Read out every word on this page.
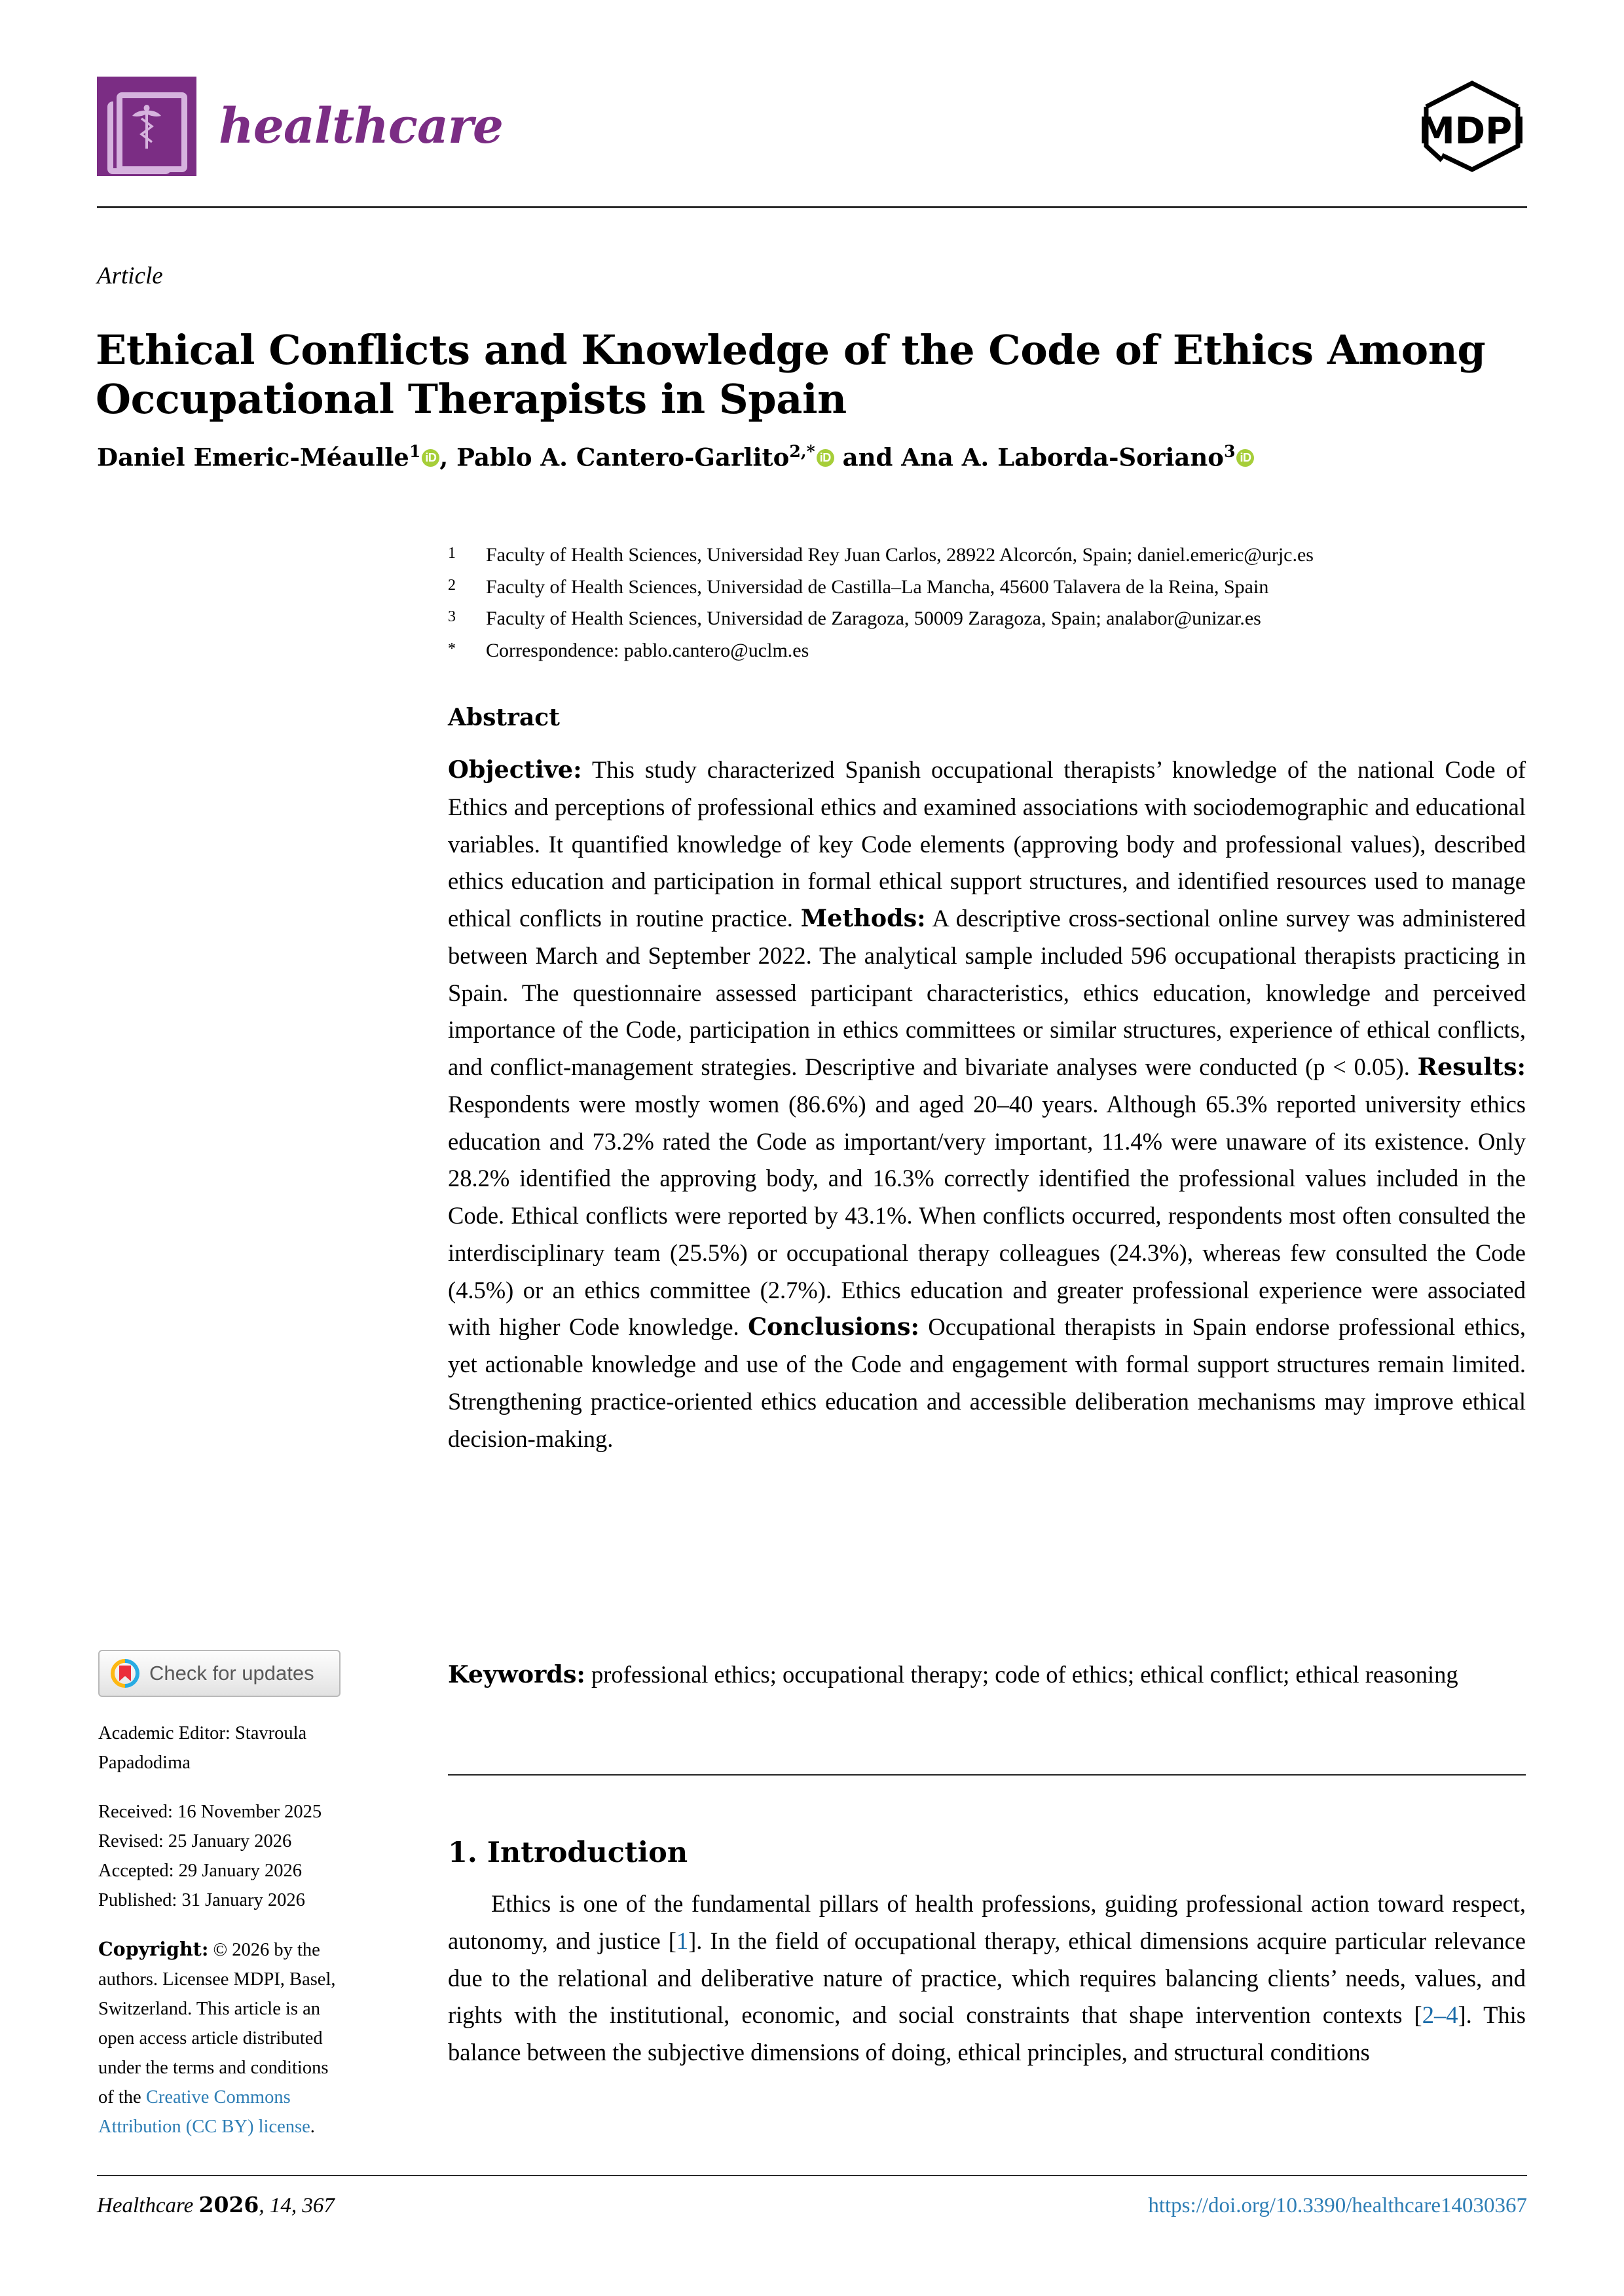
healthcare	MDPI
Article
Ethical Conflicts and Knowledge of the Code of Ethics Among Occupational Therapists in Spain
Daniel Emeric-Méaulle$^1$ iD , Pablo A. Cantero-Garlito$^{2,*}$ iD and Ana A. Laborda-Soriano$^3$ iD
1	Faculty of Health Sciences, Universidad Rey Juan Carlos, 28922 Alcorcón, Spain; daniel.emeric@urjc.es
2	Faculty of Health Sciences, Universidad de Castilla–La Mancha, 45600 Talavera de la Reina, Spain
3	Faculty of Health Sciences, Universidad de Zaragoza, 50009 Zaragoza, Spain; analabor@unizar.es
*	Correspondence: pablo.cantero@uclm.es
Abstract
Objective: This study characterized Spanish occupational therapists’ knowledge of the national Code of Ethics and perceptions of professional ethics and examined associations with sociodemographic and educational variables. It quantified knowledge of key Code elements (approving body and professional values), described ethics education and participation in formal ethical support structures, and identified resources used to manage ethical conflicts in routine practice. Methods: A descriptive cross-sectional online survey was administered between March and September 2022. The analytical sample included 596 occupational therapists practicing in Spain. The questionnaire assessed participant characteristics, ethics education, knowledge and perceived importance of the Code, participation in ethics committees or similar structures, experience of ethical conflicts, and conflict-management strategies. Descriptive and bivariate analyses were conducted (p < 0.05). Results: Respondents were mostly women (86.6%) and aged 20–40 years. Although 65.3% reported university ethics education and 73.2% rated the Code as important/very important, 11.4% were unaware of its existence. Only 28.2% identified the approving body, and 16.3% correctly identified the professional values included in the Code. Ethical conflicts were reported by 43.1%. When conflicts occurred, respondents most often consulted the interdisciplinary team (25.5%) or occupational therapy colleagues (24.3%), whereas few consulted the Code (4.5%) or an ethics committee (2.7%). Ethics education and greater professional experience were associated with higher Code knowledge. Conclusions: Occupational therapists in Spain endorse professional ethics, yet actionable knowledge and use of the Code and engagement with formal support structures remain limited. Strengthening practice-oriented ethics education and accessible deliberation mechanisms may improve ethical decision-making.
Keywords: professional ethics; occupational therapy; code of ethics; ethical conflict; ethical reasoning
1. Introduction
Ethics is one of the fundamental pillars of health professions, guiding professional action toward respect, autonomy, and justice [1]. In the field of occupational therapy, ethical dimensions acquire particular relevance due to the relational and deliberative nature of practice, which requires balancing clients’ needs, values, and rights with the institutional, economic, and social constraints that shape intervention contexts [2–4]. This balance between the subjective dimensions of doing, ethical principles, and structural conditions
Check for updates
Academic Editor: Stavroula Papadodima
Received: 16 November 2025
Revised: 25 January 2026
Accepted: 29 January 2026
Published: 31 January 2026
Copyright: © 2026 by the authors. Licensee MDPI, Basel, Switzerland. This article is an open access article distributed under the terms and conditions of the Creative Commons Attribution (CC BY) license.
Healthcare 2026, 14, 367	https://doi.org/10.3390/healthcare14030367
